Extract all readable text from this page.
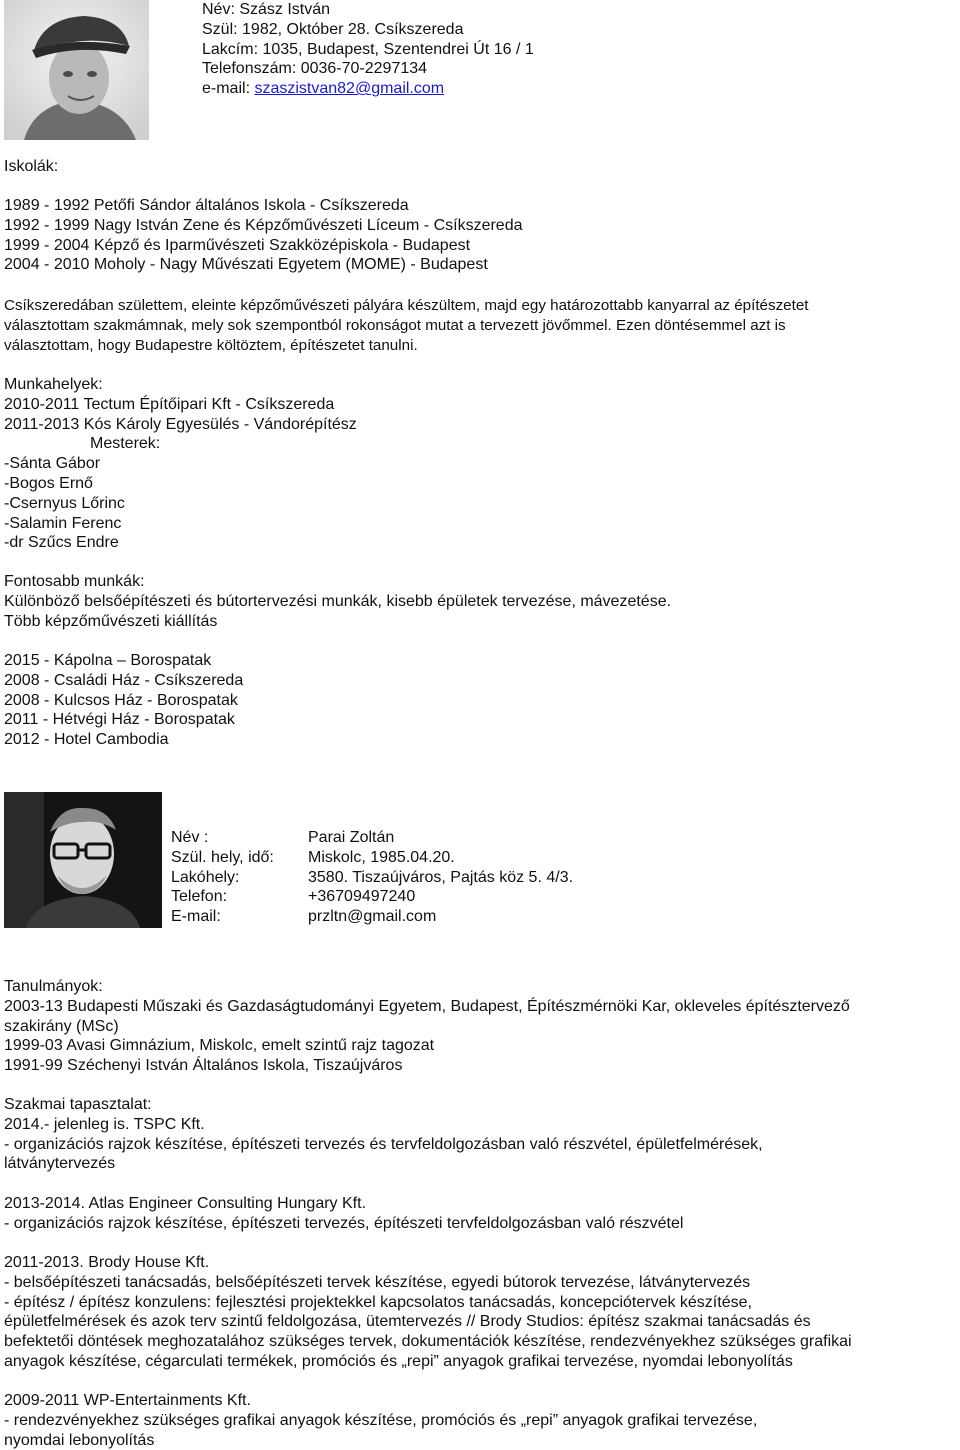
Név: Szász István
Szül: 1982, Október 28. Csíkszereda
Lakcím: 1035, Budapest, Szentendrei Út 16 / 1
Telefonszám: 0036-70-2297134
e-mail: szaszistvan82@gmail.com
Iskolák:
1989 - 1992 Petőfi Sándor általános Iskola - Csíkszereda
1992 - 1999 Nagy István Zene és Képzőművészeti Líceum - Csíkszereda
1999 - 2004 Képző és Iparművészeti Szakközépiskola - Budapest
2004 - 2010 Moholy - Nagy Művészati Egyetem (MOME) - Budapest
Csíkszeredában születtem, eleinte képzőművészeti pályára készültem, majd egy határozottabb kanyarral az építészetet
választottam szakmámnak, mely sok szempontból rokonságot mutat a tervezett jövőmmel. Ezen döntésemmel azt is
választottam, hogy Budapestre költöztem, építészetet tanulni.
Munkahelyek:
2010-2011 Tectum Építőipari Kft - Csíkszereda
2011-2013 Kós Károly Egyesülés - Vándorépítész
Mesterek:
-Sánta Gábor
-Bogos Ernő
-Csernyus Lőrinc
-Salamin Ferenc
-dr Szűcs Endre
Fontosabb munkák:
Különböző belsőépítészeti és bútortervezési munkák, kisebb épületek tervezése, mávezetése.
Több képzőművészeti kiállítás
2015 - Kápolna – Borospatak
2008 - Családi Ház - Csíkszereda
2008 - Kulcsos Ház - Borospatak
2011 - Hétvégi Ház - Borospatak
2012 - Hotel Cambodia
Név :	Parai Zoltán
Szül. hely, idő: Miskolc, 1985.04.20.
Lakóhely:	3580. Tiszaújváros, Pajtás köz 5. 4/3.
Telefon:	+36709497240
E-mail:	przltn@gmail.com
Tanulmányok:
2003-13 Budapesti Műszaki és Gazdaságtudományi Egyetem, Budapest, Építészmérnöki Kar, okleveles építésztervező
szakirány (MSc)
1999-03 Avasi Gimnázium, Miskolc, emelt szintű rajz tagozat
1991-99 Széchenyi István Általános Iskola, Tiszaújváros
Szakmai tapasztalat:
2014.- jelenleg is. TSPC Kft.
- organizációs rajzok készítése, építészeti tervezés és tervfeldolgozásban való részvétel, épületfelmérések,
látványtervezés
2013-2014. Atlas Engineer Consulting Hungary Kft.
- organizációs rajzok készítése, építészeti tervezés, építészeti tervfeldolgozásban való részvétel
2011-2013. Brody House Kft.
- belsőépítészeti tanácsadás, belsőépítészeti tervek készítése, egyedi bútorok tervezése, látványtervezés
- építész / építész konzulens: fejlesztési projektekkel kapcsolatos tanácsadás, koncepciótervek készítése,
épületfelmérések és azok terv szintű feldolgozása, ütemtervezés // Brody Studios: építész szakmai tanácsadás és
befektetői döntések meghozatalához szükséges tervek, dokumentációk készítése, rendezvényekhez szükséges grafikai
anyagok készítése, cégarculati termékek, promóciós és „repi” anyagok grafikai tervezése, nyomdai lebonyolítás
2009-2011 WP-Entertainments Kft.
- rendezvényekhez szükséges grafikai anyagok készítése, promóciós és „repi” anyagok grafikai tervezése,
nyomdai lebonyolítás
